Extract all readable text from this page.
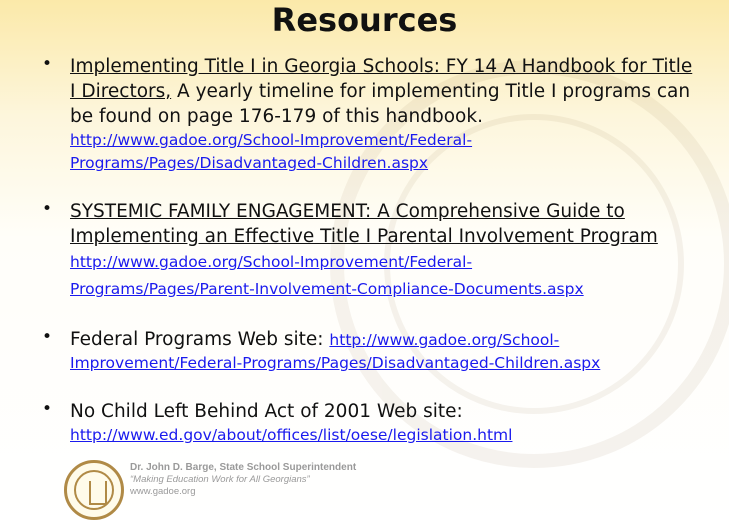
Resources
• Implementing Title I in Georgia Schools: FY 14 A Handbook for Title I Directors, A yearly timeline for implementing Title I programs can be found on page 176-179 of this handbook.
http://www.gadoe.org/School-Improvement/Federal-
Programs/Pages/Disadvantaged-Children.aspx
• SYSTEMIC FAMILY ENGAGEMENT: A Comprehensive Guide to Implementing an Effective Title I Parental Involvement Program
http://www.gadoe.org/School-Improvement/Federal-
Programs/Pages/Parent-Involvement-Compliance-Documents.aspx
• Federal Programs Web site: http://www.gadoe.org/School-
Improvement/Federal-Programs/Pages/Disadvantaged-Children.aspx
• No Child Left Behind Act of 2001 Web site:
http://www.ed.gov/about/offices/list/oese/legislation.html
Dr. John D. Barge, State School Superintendent
“Making Education Work for All Georgians”
www.gadoe.org
